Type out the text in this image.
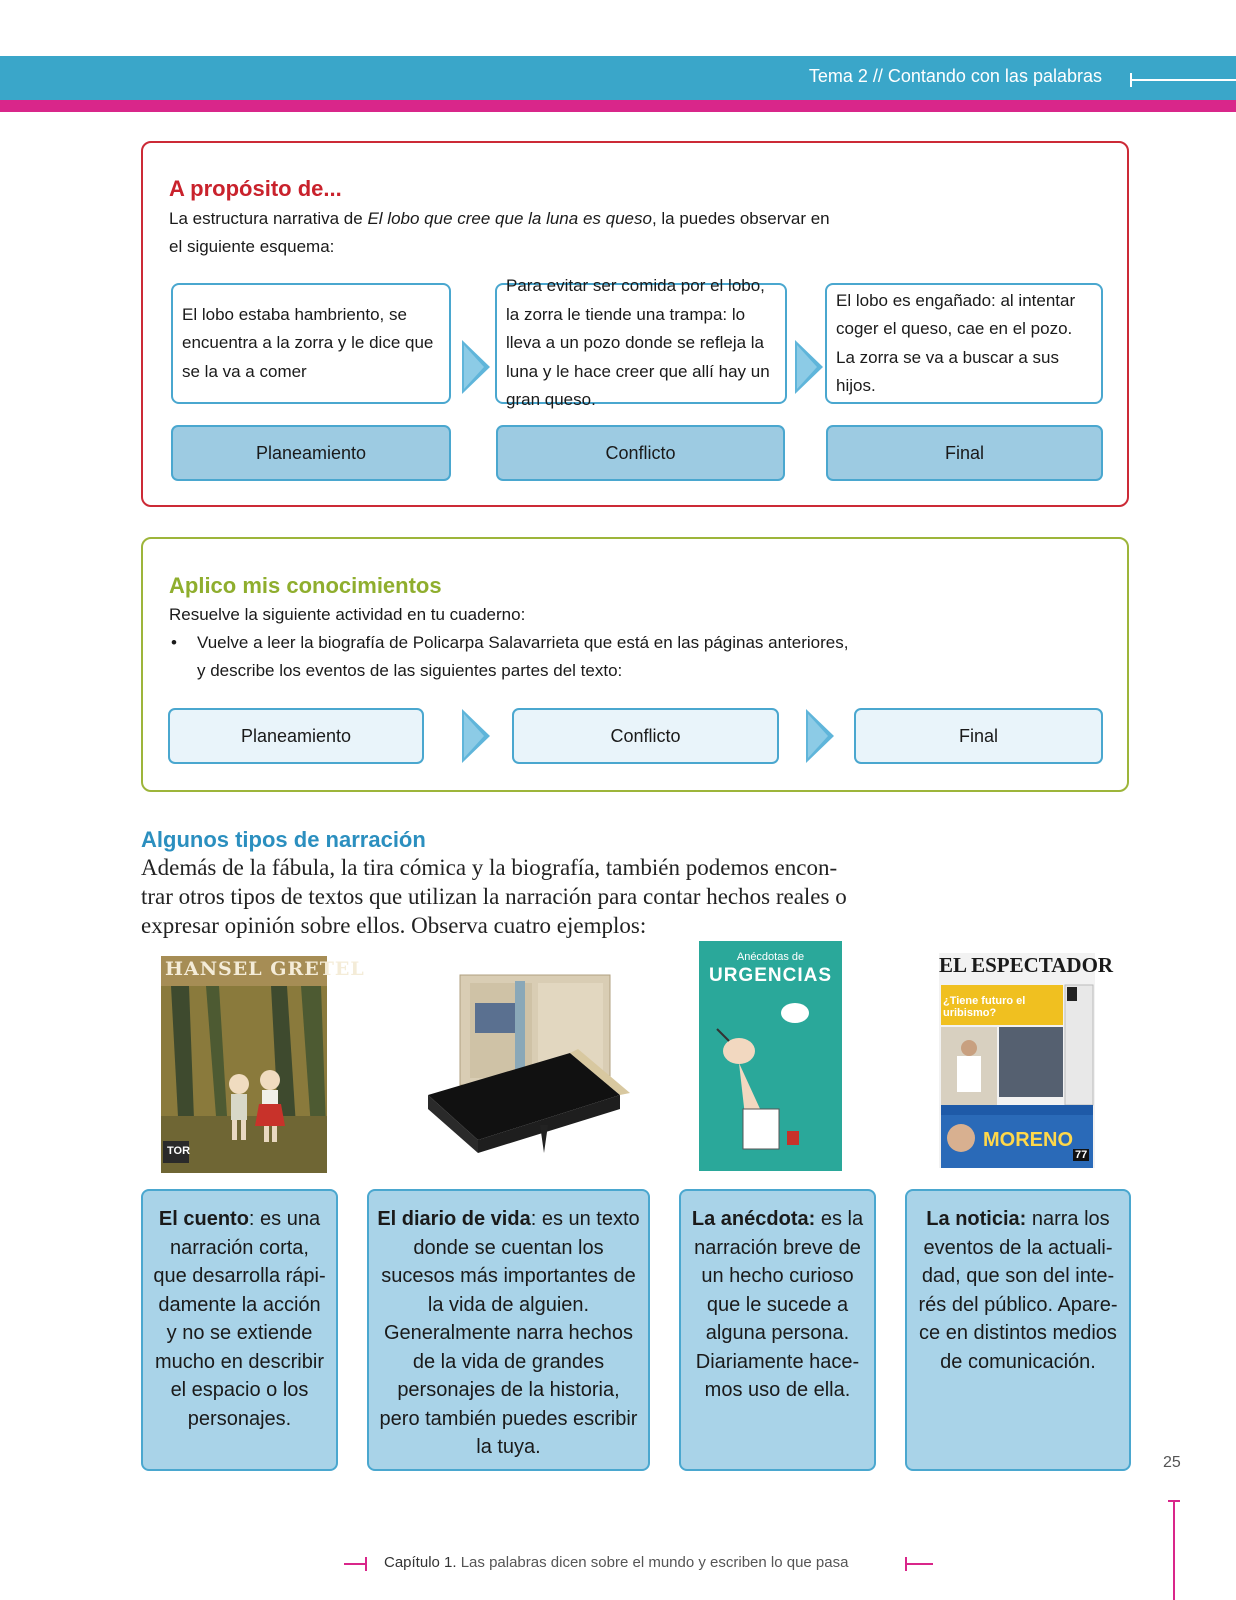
Tema 2 // Contando con las palabras
A propósito de...
La estructura narrativa de El lobo que cree que la luna es queso, la puedes observar en
el siguiente esquema:
El lobo estaba hambriento, se encuentra a la zorra y le dice que se la va a comer
Para evitar ser comida por el lobo, la zorra le tiende una trampa: lo lleva a un pozo donde se refleja la luna y le hace creer que allí hay un gran queso.
El lobo es engañado: al intentar coger el queso, cae en el pozo. La zorra se va a buscar a sus hijos.
Planeamiento	Conflicto	Final
Aplico mis conocimientos
Resuelve la siguiente actividad en tu cuaderno:
• Vuelve a leer la biografía de Policarpa Salavarrieta que está en las páginas anteriores,
y describe los eventos de las siguientes partes del texto:
Planeamiento	Conflicto	Final
Algunos tipos de narración
Además de la fábula, la tira cómica y la biografía, también podemos encon-
trar otros tipos de textos que utilizan la narración para contar hechos reales o
expresar opinión sobre ellos. Observa cuatro ejemplos:
HANSEL GRETEL
TOR
Anécdotas de
URGENCIAS	EL ESPECTADOR
¿Tiene futuro el uribismo?
MORENO
77
El cuento: es una narración corta, que desarrolla rápi-damente la acción y no se extiende mucho en describir el espacio o los personajes.
El diario de vida: es un texto donde se cuentan los sucesos más importantes de la vida de alguien. Generalmente narra hechos de la vida de grandes personajes de la historia, pero también puedes escribir la tuya.
La anécdota: es la narración breve de un hecho curioso que le sucede a alguna persona. Diariamente hace-mos uso de ella.
La noticia: narra los eventos de la actuali-dad, que son del inte-rés del público. Apare-ce en distintos medios de comunicación.
25
Capítulo 1. Las palabras dicen sobre el mundo y escriben lo que pasa
